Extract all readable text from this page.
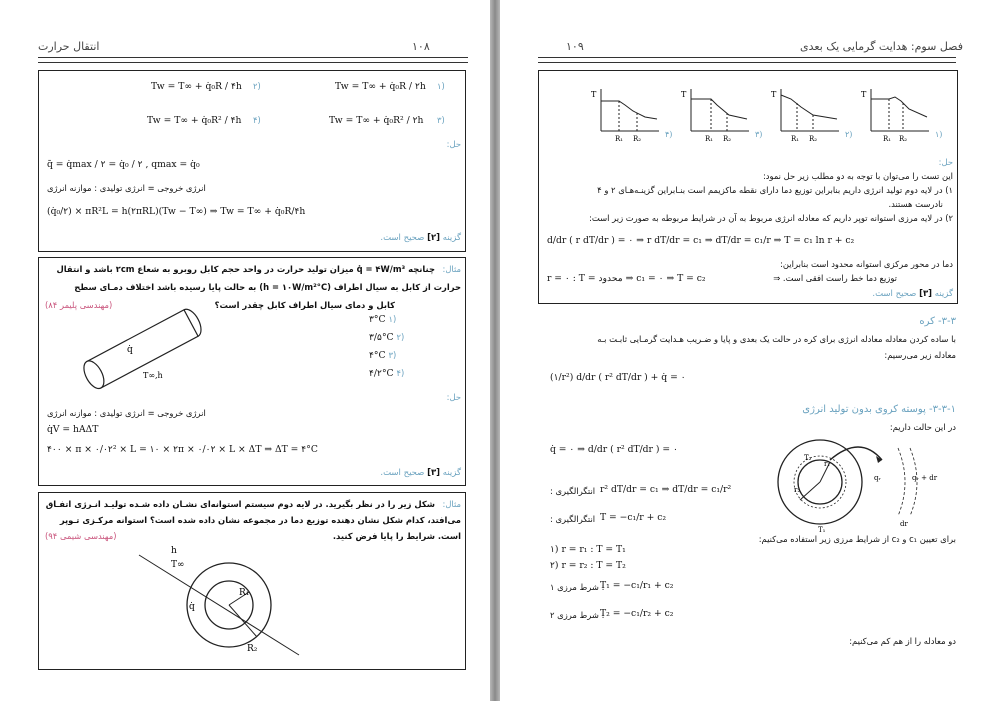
۱۰۸
انتقال حرارت
Tw = T∞ + q̇₀R / ۲h ۱)
Tw = T∞ + q̇₀R / ۴h ۲)
Tw = T∞ + q̇₀R² / ۲h ۳)
Tw = T∞ + q̇₀R² / ۴h ۴)
حل:
q̄ = q̇max / ۲ = q̇₀ / ۲ , qmax = q̇₀
انرژی خروجی = انرژی تولیدی : موازنه انرژی
(q̇₀/۲) × πR²L = h(۲πRL)(Tw − T∞) ⇒ Tw = T∞ + q̇₀R/۴h
گزینه [۲] صحیح است.
چنانچه q̇ = ۴W/m³ میزان تولید حرارت در واحد حجم کابل روبرو به شعاع ۲cm باشد و انتقال مثال:
حرارت از کابل به سیال اطراف (h = ۱۰W/m²°C) به حالت پایا رسیده باشد اختلاف دمـای سطح
کابل و دمای سیال اطراف کابل چقدر است؟
(مهندسی پلیمر ۸۴)
q̇
T∞,h
۳°C ۱)
۳/۵°C ۲)
۴°C ۳)
۴/۲°C ۴)
حل:
انرژی خروجی = انرژی تولیدی : موازنه انرژی
q̇V = hAΔT
۴۰۰ × π × ۰/۰۲² × L = ۱۰ × ۲π × ۰/۰۲ × L × ΔT ⇒ ΔT = ۴°C
گزینه [۳] صحیح است.
شکل زیر را در نظر بگیرید. در لایه دوم سیستم استوانه‌ای نشـان داده شـده تولیـد انـرژی اتفـاق مثال:
می‌افتد، کدام شکل نشان دهنده توزیع دما در مجموعه نشان داده شده است؟ استوانه مرکـزی تـوپر
است. شرایط را پایا فرض کنید.
(مهندسی شیمی ۹۴)
R₁
R₂
q̇
h
T∞
۱۰۹	فصل سوم: هدایت گرمایی یک بعدی
T
R₁ R₂	۴)
T
R₁ R₂	۳)
T
R₁ R₂	۲)
T
R₁ R₂	۱)
حل:
این تست را می‌توان با توجه به دو مطلب زیر حل نمود:
۱) در لایه دوم تولید انرژی داریم بنابراین توزیع دما دارای نقطه ماکزیمم است بنـابراین گزینـه‌هـای ۲ و ۴
نادرست هستند.
۲) در لایه مرزی استوانه توپر داریم که معادله انرژی مربوط به آن در شرایط مربوطه به صورت زیر است:
d/dr ( r dT/dr ) = ۰ ⇒ r dT/dr = c₁ ⇒ dT/dr = c₁/r ⇒ T = c₁ ln r + c₂
دما در محور مرکزی استوانه محدود است بنابراین:
r = ۰ : T = محدود ⇒ c₁ = ۰ ⇒ T = c₂	توزیع دما خط راست افقی است. ⇒
گزینه [۳] صحیح است.
۳-۳- کره
با ساده کردن معادله معادله انرژی برای کره در حالت یک بعدی و پایا و ضـریب هـدایت گرمـایی ثابـت بـه
معادله زیر می‌رسیم:
(۱/r²) d/dr ( r² dT/dr ) + q̇ = ۰
۳-۳-۱- پوسته کروی بدون تولید انرژی
در این حالت داریم:
q̇ = ۰ ⇒ d/dr ( r² dT/dr ) = ۰
r² dT/dr = c₁ ⇒ dT/dr = c₁/r²
انتگرالگیری :
T = −c₁/r + c₂
انتگرالگیری :
r₁
r₂
T₂
T₁
qᵣ	qᵣ + dr
dr
برای تعیین c₁ و c₂ از شرایط مرزی زیر استفاده می‌کنیم:
۱) r = r₁ : T = T₁
۲) r = r₂ : T = T₂
T₁ = −c₁/r₁ + c₂
: شرط مرزی ۱
T₂ = −c₁/r₂ + c₂
: شرط مرزی ۲
دو معادله را از هم کم می‌کنیم:
